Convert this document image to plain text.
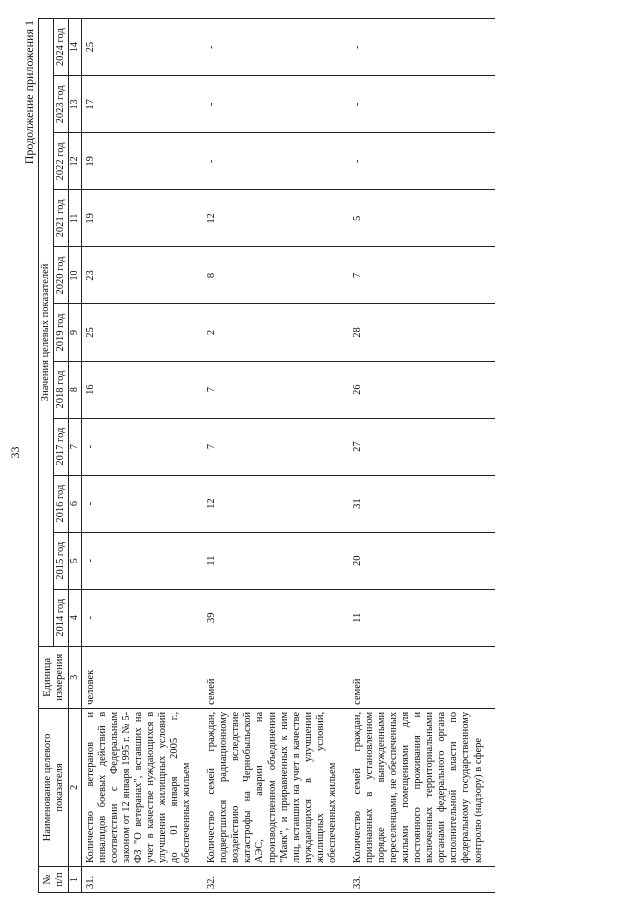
33
Продолжение приложения 1
№ п/п	Наименование целевого показателя	Единица измерения	Значения целевых показателей										
			2014 год	2015 год	2016 год	2017 год	2018 год	2019 год	2020 год	2021 год	2022 год	2023 год	2024 год
1	2	3	4	5	6	7	8	9	10	11	12	13	14
31.	Количество ветеранов и инвалидов боевых действий в соответствии с Федеральным законом от 12 января 1995 г. № 5-ФЗ "О ветеранах", вставших на учет в качестве нуждающихся в улучшении жилищных условий до 01 января 2005 г., обеспеченных жильем	человек	-	-	-	-	16	25	23	19	19	17	25
32.	Количество семей граждан, подвергшихся радиационному воздействию вследствие катастрофы на Чернобыльской АЭС, аварии на производственном объединении "Маяк", и приравненных к ним лиц, вставших на учет в качестве нуждающихся в улучшении жилищных условий, обеспеченных жильем	семей	39	11	12	7	7	2	8	12	-	-	-
33.	Количество семей граждан, признанных в установленном порядке вынужденными переселенцами, не обеспеченных жилыми помещениями для постоянного проживания и включенных территориальными органами федерального органа исполнительной власти по федеральному государственному контролю (надзору) в сфере	семей	11	20	31	27	26	28	7	5	-	-	-
